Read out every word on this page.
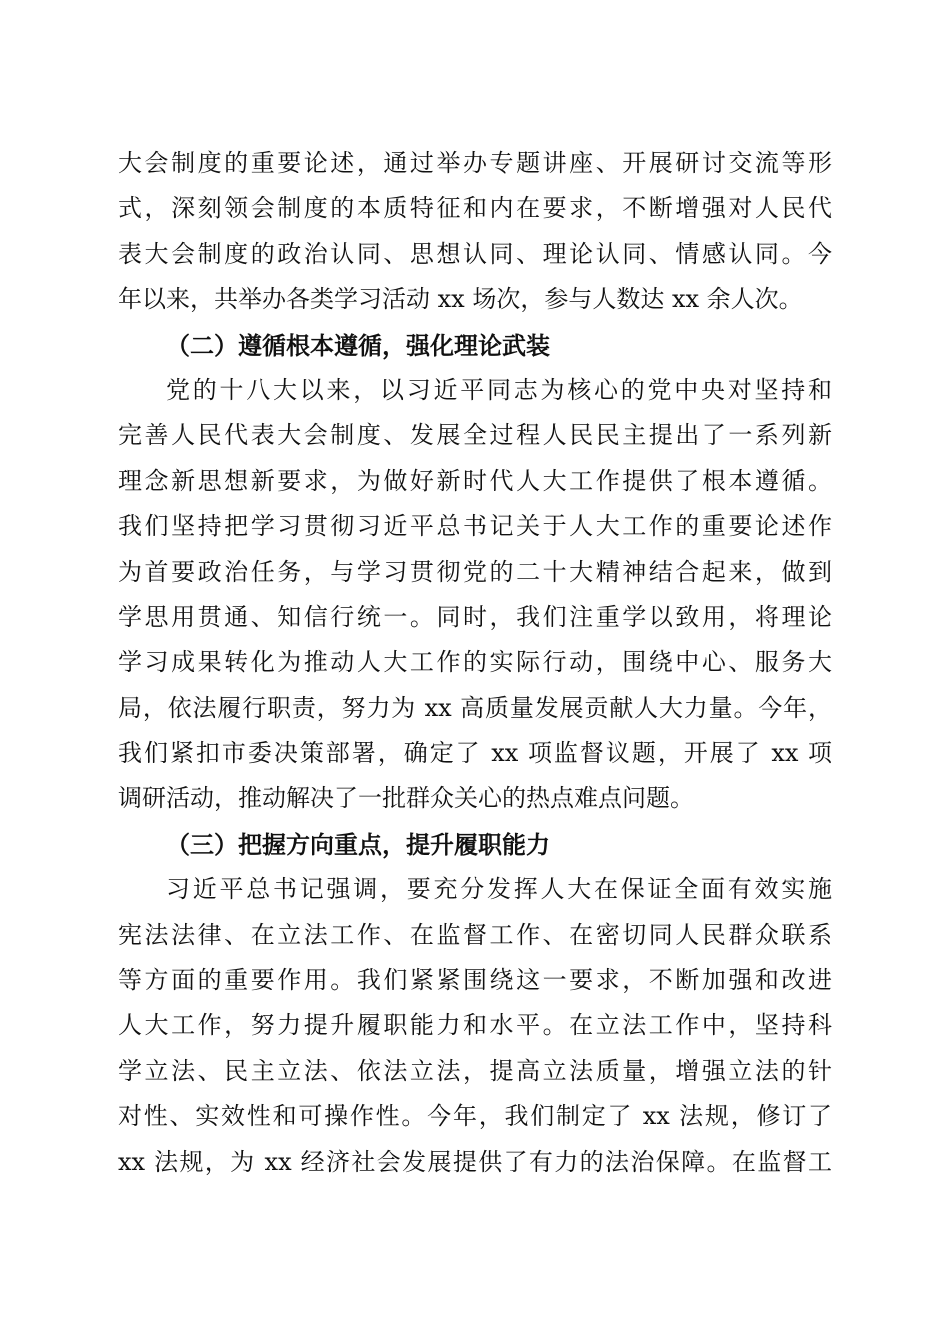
大会制度的重要论述，通过举办专题讲座、开展研讨交流等形
式，深刻领会制度的本质特征和内在要求，不断增强对人民代
表大会制度的政治认同、思想认同、理论认同、情感认同。今
年以来，共举办各类学习活动 xx 场次，参与人数达 xx 余人次。
（二）遵循根本遵循，强化理论武装
党的十八大以来，以习近平同志为核心的党中央对坚持和
完善人民代表大会制度、发展全过程人民民主提出了一系列新
理念新思想新要求，为做好新时代人大工作提供了根本遵循。
我们坚持把学习贯彻习近平总书记关于人大工作的重要论述作
为首要政治任务，与学习贯彻党的二十大精神结合起来，做到
学思用贯通、知信行统一。同时，我们注重学以致用，将理论
学习成果转化为推动人大工作的实际行动，围绕中心、服务大
局，依法履行职责，努力为 xx 高质量发展贡献人大力量。今年，
我们紧扣市委决策部署，确定了 xx 项监督议题，开展了 xx 项
调研活动，推动解决了一批群众关心的热点难点问题。
（三）把握方向重点，提升履职能力
习近平总书记强调，要充分发挥人大在保证全面有效实施
宪法法律、在立法工作、在监督工作、在密切同人民群众联系
等方面的重要作用。我们紧紧围绕这一要求，不断加强和改进
人大工作，努力提升履职能力和水平。在立法工作中，坚持科
学立法、民主立法、依法立法，提高立法质量，增强立法的针
对性、实效性和可操作性。今年，我们制定了 xx 法规，修订了
xx 法规，为 xx 经济社会发展提供了有力的法治保障。在监督工
